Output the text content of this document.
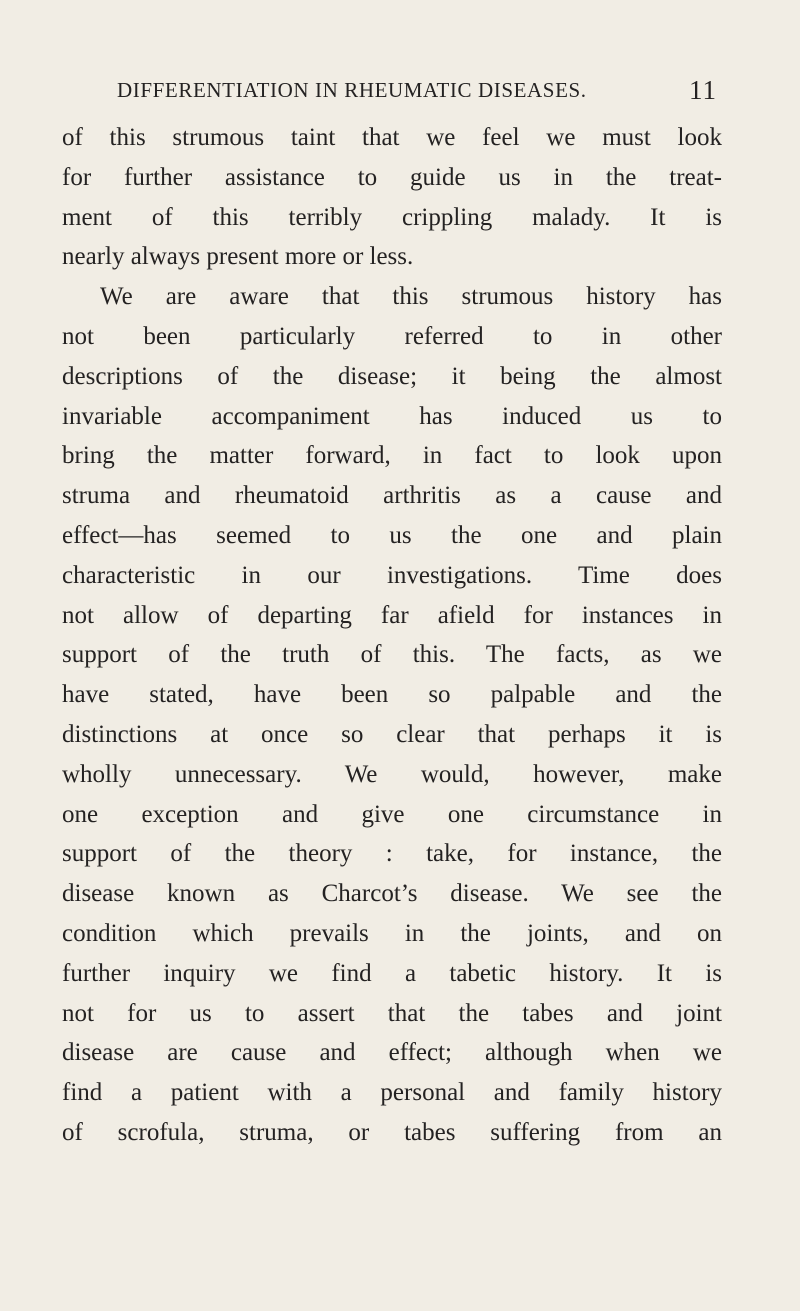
DIFFERENTIATION IN RHEUMATIC DISEASES.	11
of this strumous taint that we feel we must look
for further assistance to guide us in the treat-
ment of this terribly crippling malady. It is
nearly always present more or less.
We are aware that this strumous history has
not been particularly referred to in other
descriptions of the disease; it being the almost
invariable accompaniment has induced us to
bring the matter forward, in fact to look upon
struma and rheumatoid arthritis as a cause and
effect—has seemed to us the one and plain
characteristic in our investigations. Time does
not allow of departing far afield for instances in
support of the truth of this. The facts, as we
have stated, have been so palpable and the
distinctions at once so clear that perhaps it is
wholly unnecessary. We would, however, make
one exception and give one circumstance in
support of the theory : take, for instance, the
disease known as Charcot’s disease. We see the
condition which prevails in the joints, and on
further inquiry we find a tabetic history. It is
not for us to assert that the tabes and joint
disease are cause and effect; although when we
find a patient with a personal and family history
of scrofula, struma, or tabes suffering from an
